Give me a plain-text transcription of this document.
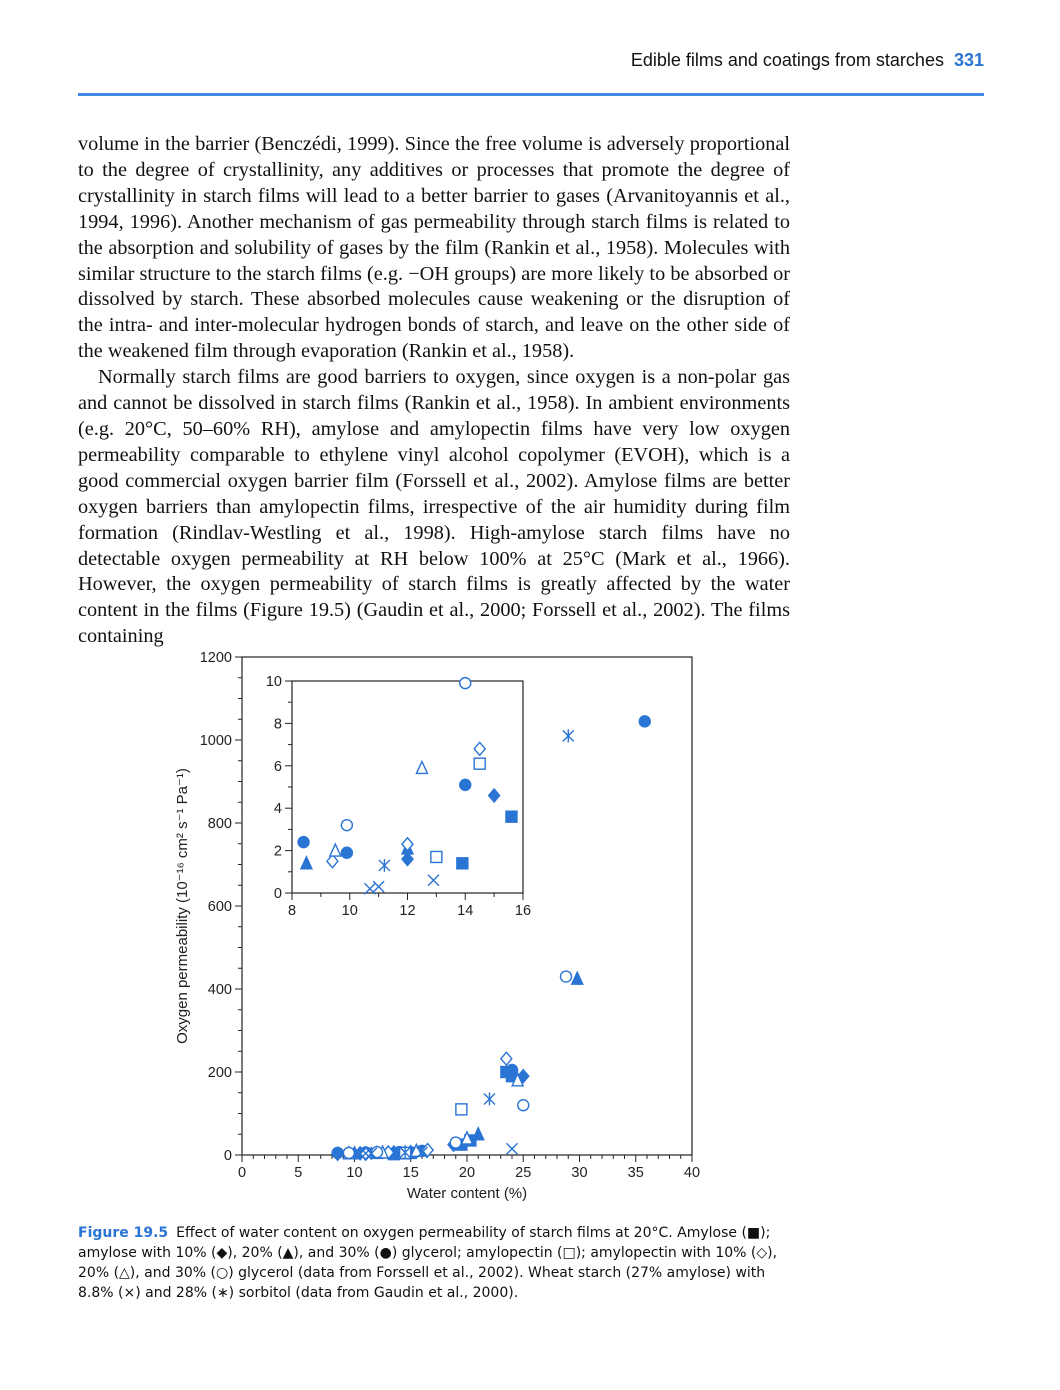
Edible films and coatings from starches 331

volume in the barrier (Benczédi, 1999). Since the free volume is adversely proportional to the degree of crystallinity, any additives or processes that promote the degree of crystallinity in starch films will lead to a better barrier to gases (Arvanitoyannis et al., 1994, 1996). Another mechanism of gas permeability through starch films is related to the absorption and solubility of gases by the film (Rankin et al., 1958). Molecules with similar structure to the starch films (e.g. −OH groups) are more likely to be absorbed or dissolved by starch. These absorbed molecules cause weakening or the disruption of the intra- and inter-molecular hydrogen bonds of starch, and leave on the other side of the weakened film through evaporation (Rankin et al., 1958).

Normally starch films are good barriers to oxygen, since oxygen is a non-polar gas and cannot be dissolved in starch films (Rankin et al., 1958). In ambient environments (e.g. 20°C, 50–60% RH), amylose and amylopectin films have very low oxygen permeability comparable to ethylene vinyl alcohol copolymer (EVOH), which is a good commercial oxygen barrier film (Forssell et al., 2002). Amylose films are better oxygen barriers than amylopectin films, irrespective of the air humidity during film formation (Rindlav-Westling et al., 1998). High-amylose starch films have no detectable oxygen permeability at RH below 100% at 25°C (Mark et al., 1966). However, the oxygen permeability of starch films is greatly affected by the water content in the films (Figure 19.5) (Gaudin et al., 2000; Forssell et al., 2002). The films containing

0	5	10	15	20	25	30	35	40
0
200
400
600
800
1000
1200
Water content (%)
Oxygen permeability (10⁻¹⁶ cm² s⁻¹ Pa⁻¹)	8	10	12	14	16
0
2
4
6
8
10
Figure 19.5 Effect of water content on oxygen permeability of starch films at 20°C. Amylose (■); amylose with 10% (◆), 20% (▲), and 30% (●) glycerol; amylopectin (□); amylopectin with 10% (◇), 20% (△), and 30% (○) glycerol (data from Forssell et al., 2002). Wheat starch (27% amylose) with 8.8% (×) and 28% (∗) sorbitol (data from Gaudin et al., 2000).
